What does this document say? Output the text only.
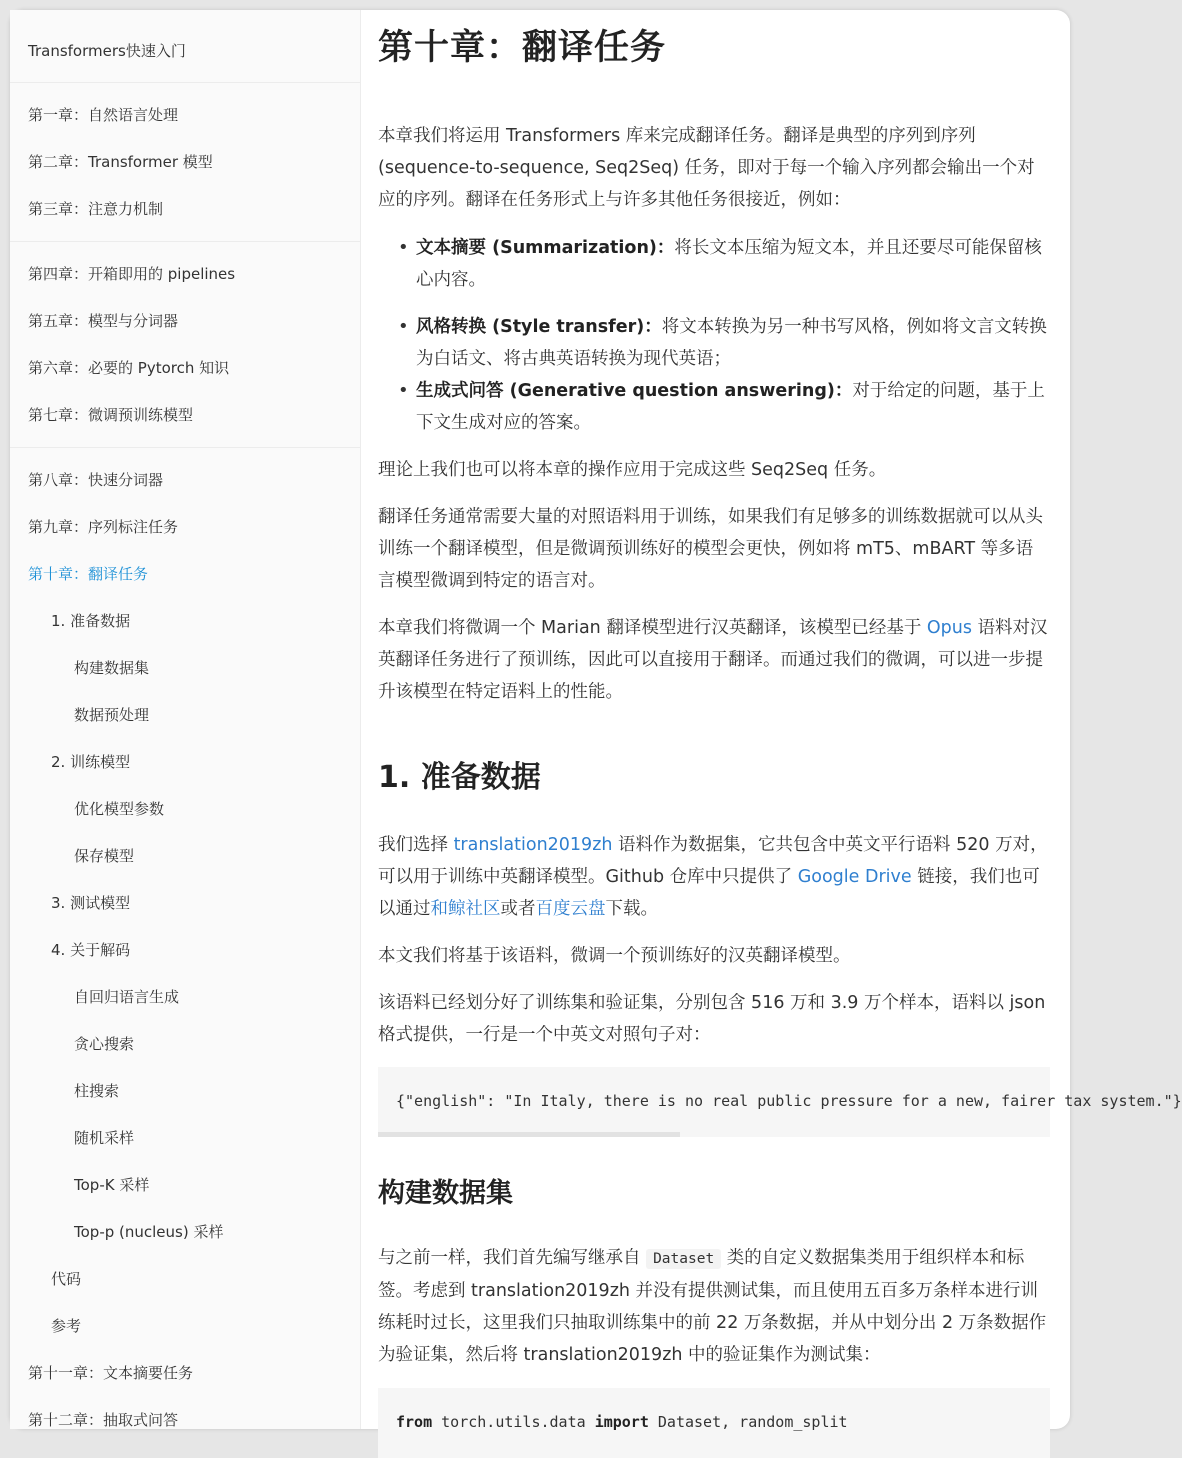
Transformers快速入门
第一章：自然语言处理
第二章：Transformer 模型
第三章：注意力机制
第四章：开箱即用的 pipelines
第五章：模型与分词器
第六章：必要的 Pytorch 知识
第七章：微调预训练模型
第八章：快速分词器
第九章：序列标注任务
第十章：翻译任务
1. 准备数据
构建数据集
数据预处理
2. 训练模型
优化模型参数
保存模型
3. 测试模型
4. 关于解码
自回归语言生成
贪心搜索
柱搜索
随机采样
Top-K 采样
Top-p (nucleus) 采样
代码
参考
第十一章：文本摘要任务
第十二章：抽取式问答
第十章：翻译任务

本章我们将运用 Transformers 库来完成翻译任务。翻译是典型的序列到序列 (sequence-to-sequence, Seq2Seq) 任务，即对于每一个输入序列都会输出一个对应的序列。翻译在任务形式上与许多其他任务很接近，例如：

• 文本摘要 (Summarization)：将长文本压缩为短文本，并且还要尽可能保留核心内容。
• 风格转换 (Style transfer)：将文本转换为另一种书写风格，例如将文言文转换为白话文、将古典英语转换为现代英语；
• 生成式问答 (Generative question answering)：对于给定的问题，基于上下文生成对应的答案。

理论上我们也可以将本章的操作应用于完成这些 Seq2Seq 任务。

翻译任务通常需要大量的对照语料用于训练，如果我们有足够多的训练数据就可以从头训练一个翻译模型，但是微调预训练好的模型会更快，例如将 mT5、mBART 等多语言模型微调到特定的语言对。

本章我们将微调一个 Marian 翻译模型进行汉英翻译，该模型已经基于 Opus 语料对汉英翻译任务进行了预训练，因此可以直接用于翻译。而通过我们的微调，可以进一步提升该模型在特定语料上的性能。

1. 准备数据

我们选择 translation2019zh 语料作为数据集，它共包含中英文平行语料 520 万对，可以用于训练中英翻译模型。Github 仓库中只提供了 Google Drive 链接，我们也可以通过和鲸社区或者百度云盘下载。

本文我们将基于该语料，微调一个预训练好的汉英翻译模型。

该语料已经划分好了训练集和验证集，分别包含 516 万和 3.9 万个样本，语料以 json 格式提供，一行是一个中英文对照句子对：

{"english": "In Italy, there is no real public pressure for a new, fairer tax system."}
构建数据集

与之前一样，我们首先编写继承自 Dataset 类的自定义数据集类用于组织样本和标签。考虑到 translation2019zh 并没有提供测试集，而且使用五百多万条样本进行训练耗时过长，这里我们只抽取训练集中的前 22 万条数据，并从中划分出 2 万条数据作为验证集，然后将 translation2019zh 中的验证集作为测试集：

from torch.utils.data import Dataset, random_split
